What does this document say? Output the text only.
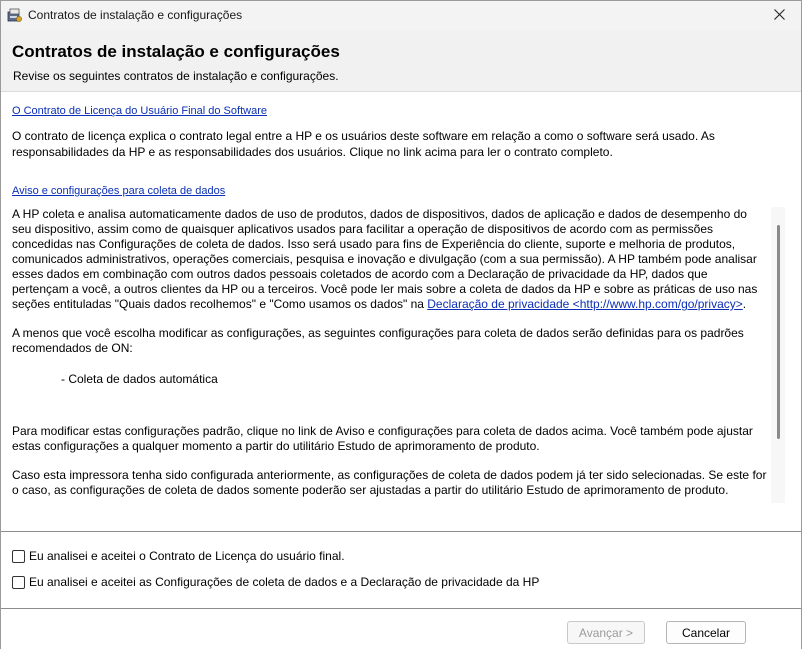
Contratos de instalação e configurações
Contratos de instalação e configurações
Revise os seguintes contratos de instalação e configurações.
O Contrato de Licença do Usuário Final do Software
O contrato de licença explica o contrato legal entre a HP e os usuários deste software em relação a como o software será usado. As responsabilidades da HP e as responsabilidades dos usuários. Clique no link acima para ler o contrato completo.
Aviso e configurações para coleta de dados

A HP coleta e analisa automaticamente dados de uso de produtos, dados de dispositivos, dados de aplicação e dados de desempenho do seu dispositivo, assim como de quaisquer aplicativos usados para facilitar a operação de dispositivos de acordo com as permissões concedidas nas Configurações de coleta de dados. Isso será usado para fins de Experiência do cliente, suporte e melhoria de produtos, comunicados administrativos, operações comerciais, pesquisa e inovação e divulgação (com a sua permissão). A HP também pode analisar esses dados em combinação com outros dados pessoais coletados de acordo com a Declaração de privacidade da HP, dados que pertençam a você, a outros clientes da HP ou a terceiros. Você pode ler mais sobre a coleta de dados da HP e sobre as práticas de uso nas seções entituladas "Quais dados recolhemos" e "Como usamos os dados" na Declaração de privacidade <http://www.hp.com/go/privacy>.

A menos que você escolha modificar as configurações, as seguintes configurações para coleta de dados serão definidas para os padrões recomendados de ON:

- Coleta de dados automática

Para modificar estas configurações padrão, clique no link de Aviso e configurações para coleta de dados acima. Você também pode ajustar estas configurações a qualquer momento a partir do utilitário Estudo de aprimoramento de produto.

Caso esta impressora tenha sido configurada anteriormente, as configurações de coleta de dados podem já ter sido selecionadas. Se este for o caso, as configurações de coleta de dados somente poderão ser ajustadas a partir do utilitário Estudo de aprimoramento de produto.

Eu analisei e aceitei o Contrato de Licença do usuário final.
Eu analisei e aceitei as Configurações de coleta de dados e a Declaração de privacidade da HP
Avançar >	Cancelar
